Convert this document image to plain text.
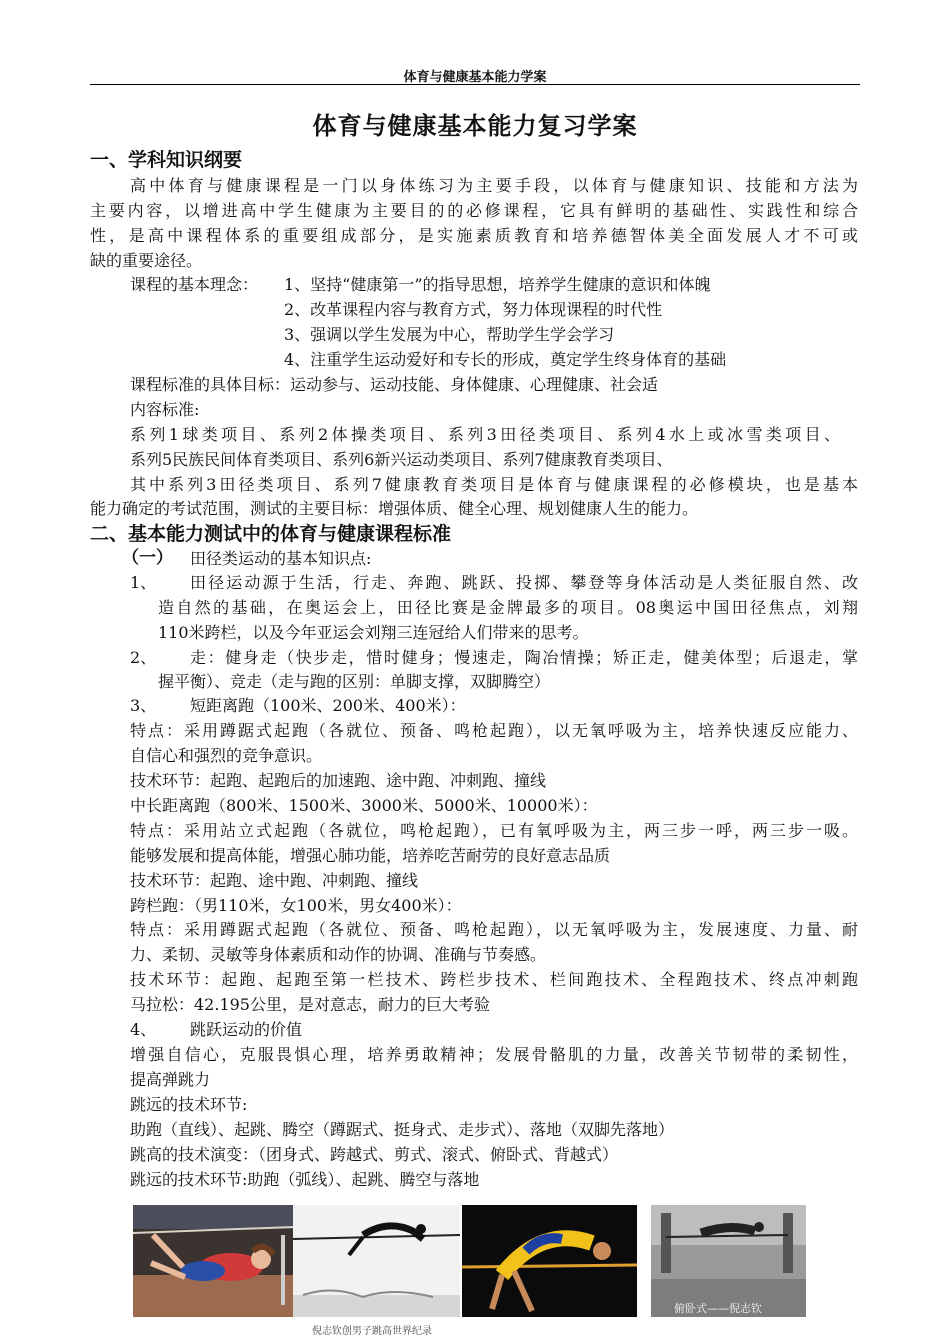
体育与健康基本能力学案
体育与健康基本能力复习学案
一、学科知识纲要
高中体育与健康课程是一门以身体练习为主要手段，以体育与健康知识、技能和方法为
主要内容，以增进高中学生健康为主要目的的必修课程，它具有鲜明的基础性、实践性和综合
性，是高中课程体系的重要组成部分，是实施素质教育和培养德智体美全面发展人才不可或
缺的重要途径。
课程的基本理念： 1、坚持“健康第一”的指导思想，培养学生健康的意识和体魄
2、改革课程内容与教育方式，努力体现课程的时代性
3、强调以学生发展为中心，帮助学生学会学习
4、注重学生运动爱好和专长的形成，奠定学生终身体育的基础
课程标准的具体目标：运动参与、运动技能、身体健康、心理健康、社会适
内容标准:
系列1球类项目、系列2体操类项目、系列3田径类项目、系列4水上或冰雪类项目、
系列5民族民间体育类项目、系列6新兴运动类项目、系列7健康教育类项目、
其中系列3田径类项目、系列7健康教育类项目是体育与健康课程的必修模块，也是基本
能力确定的考试范围，测试的主要目标：增强体质、健全心理、规划健康人生的能力。
二、基本能力测试中的体育与健康课程标准
（一） 田径类运动的基本知识点:
1、 田径运动源于生活，行走、奔跑、跳跃、投掷、攀登等身体活动是人类征服自然、改
造自然的基础，在奥运会上，田径比赛是金牌最多的项目。08奥运中国田径焦点，刘翔
110米跨栏，以及今年亚运会刘翔三连冠给人们带来的思考。
2、 走：健身走（快步走，惜时健身；慢速走，陶冶情操；矫正走，健美体型；后退走，掌
握平衡）、竞走（走与跑的区别：单脚支撑，双脚腾空）
3、 短距离跑（100米、200米、400米）：
特点：采用蹲踞式起跑（各就位、预备、鸣枪起跑），以无氧呼吸为主，培养快速反应能力、
自信心和强烈的竞争意识。
技术环节：起跑、起跑后的加速跑、途中跑、冲刺跑、撞线
中长距离跑（800米、1500米、3000米、5000米、10000米）：
特点：采用站立式起跑（各就位，鸣枪起跑），已有氧呼吸为主，两三步一呼，两三步一吸。
能够发展和提高体能，增强心肺功能，培养吃苦耐劳的良好意志品质
技术环节：起跑、途中跑、冲刺跑、撞线
跨栏跑：（男110米，女100米，男女400米）：
特点：采用蹲踞式起跑（各就位、预备、鸣枪起跑），以无氧呼吸为主，发展速度、力量、耐
力、柔韧、灵敏等身体素质和动作的协调、准确与节奏感。
技术环节：起跑、起跑至第一栏技术、跨栏步技术、栏间跑技术、全程跑技术、终点冲刺跑
马拉松：42.195公里，是对意志，耐力的巨大考验
4、 跳跃运动的价值
增强自信心，克服畏惧心理，培养勇敢精神；发展骨骼肌的力量，改善关节韧带的柔韧性，
提高弹跳力
跳远的技术环节:
助跑（直线）、起跳、腾空（蹲踞式、挺身式、走步式）、落地（双脚先落地）
跳高的技术演变：（团身式、跨越式、剪式、滚式、俯卧式、背越式）
跳远的技术环节:助跑（弧线）、起跳、腾空与落地
倪志钦创男子跳高世界纪录
俯卧式——倪志钦
